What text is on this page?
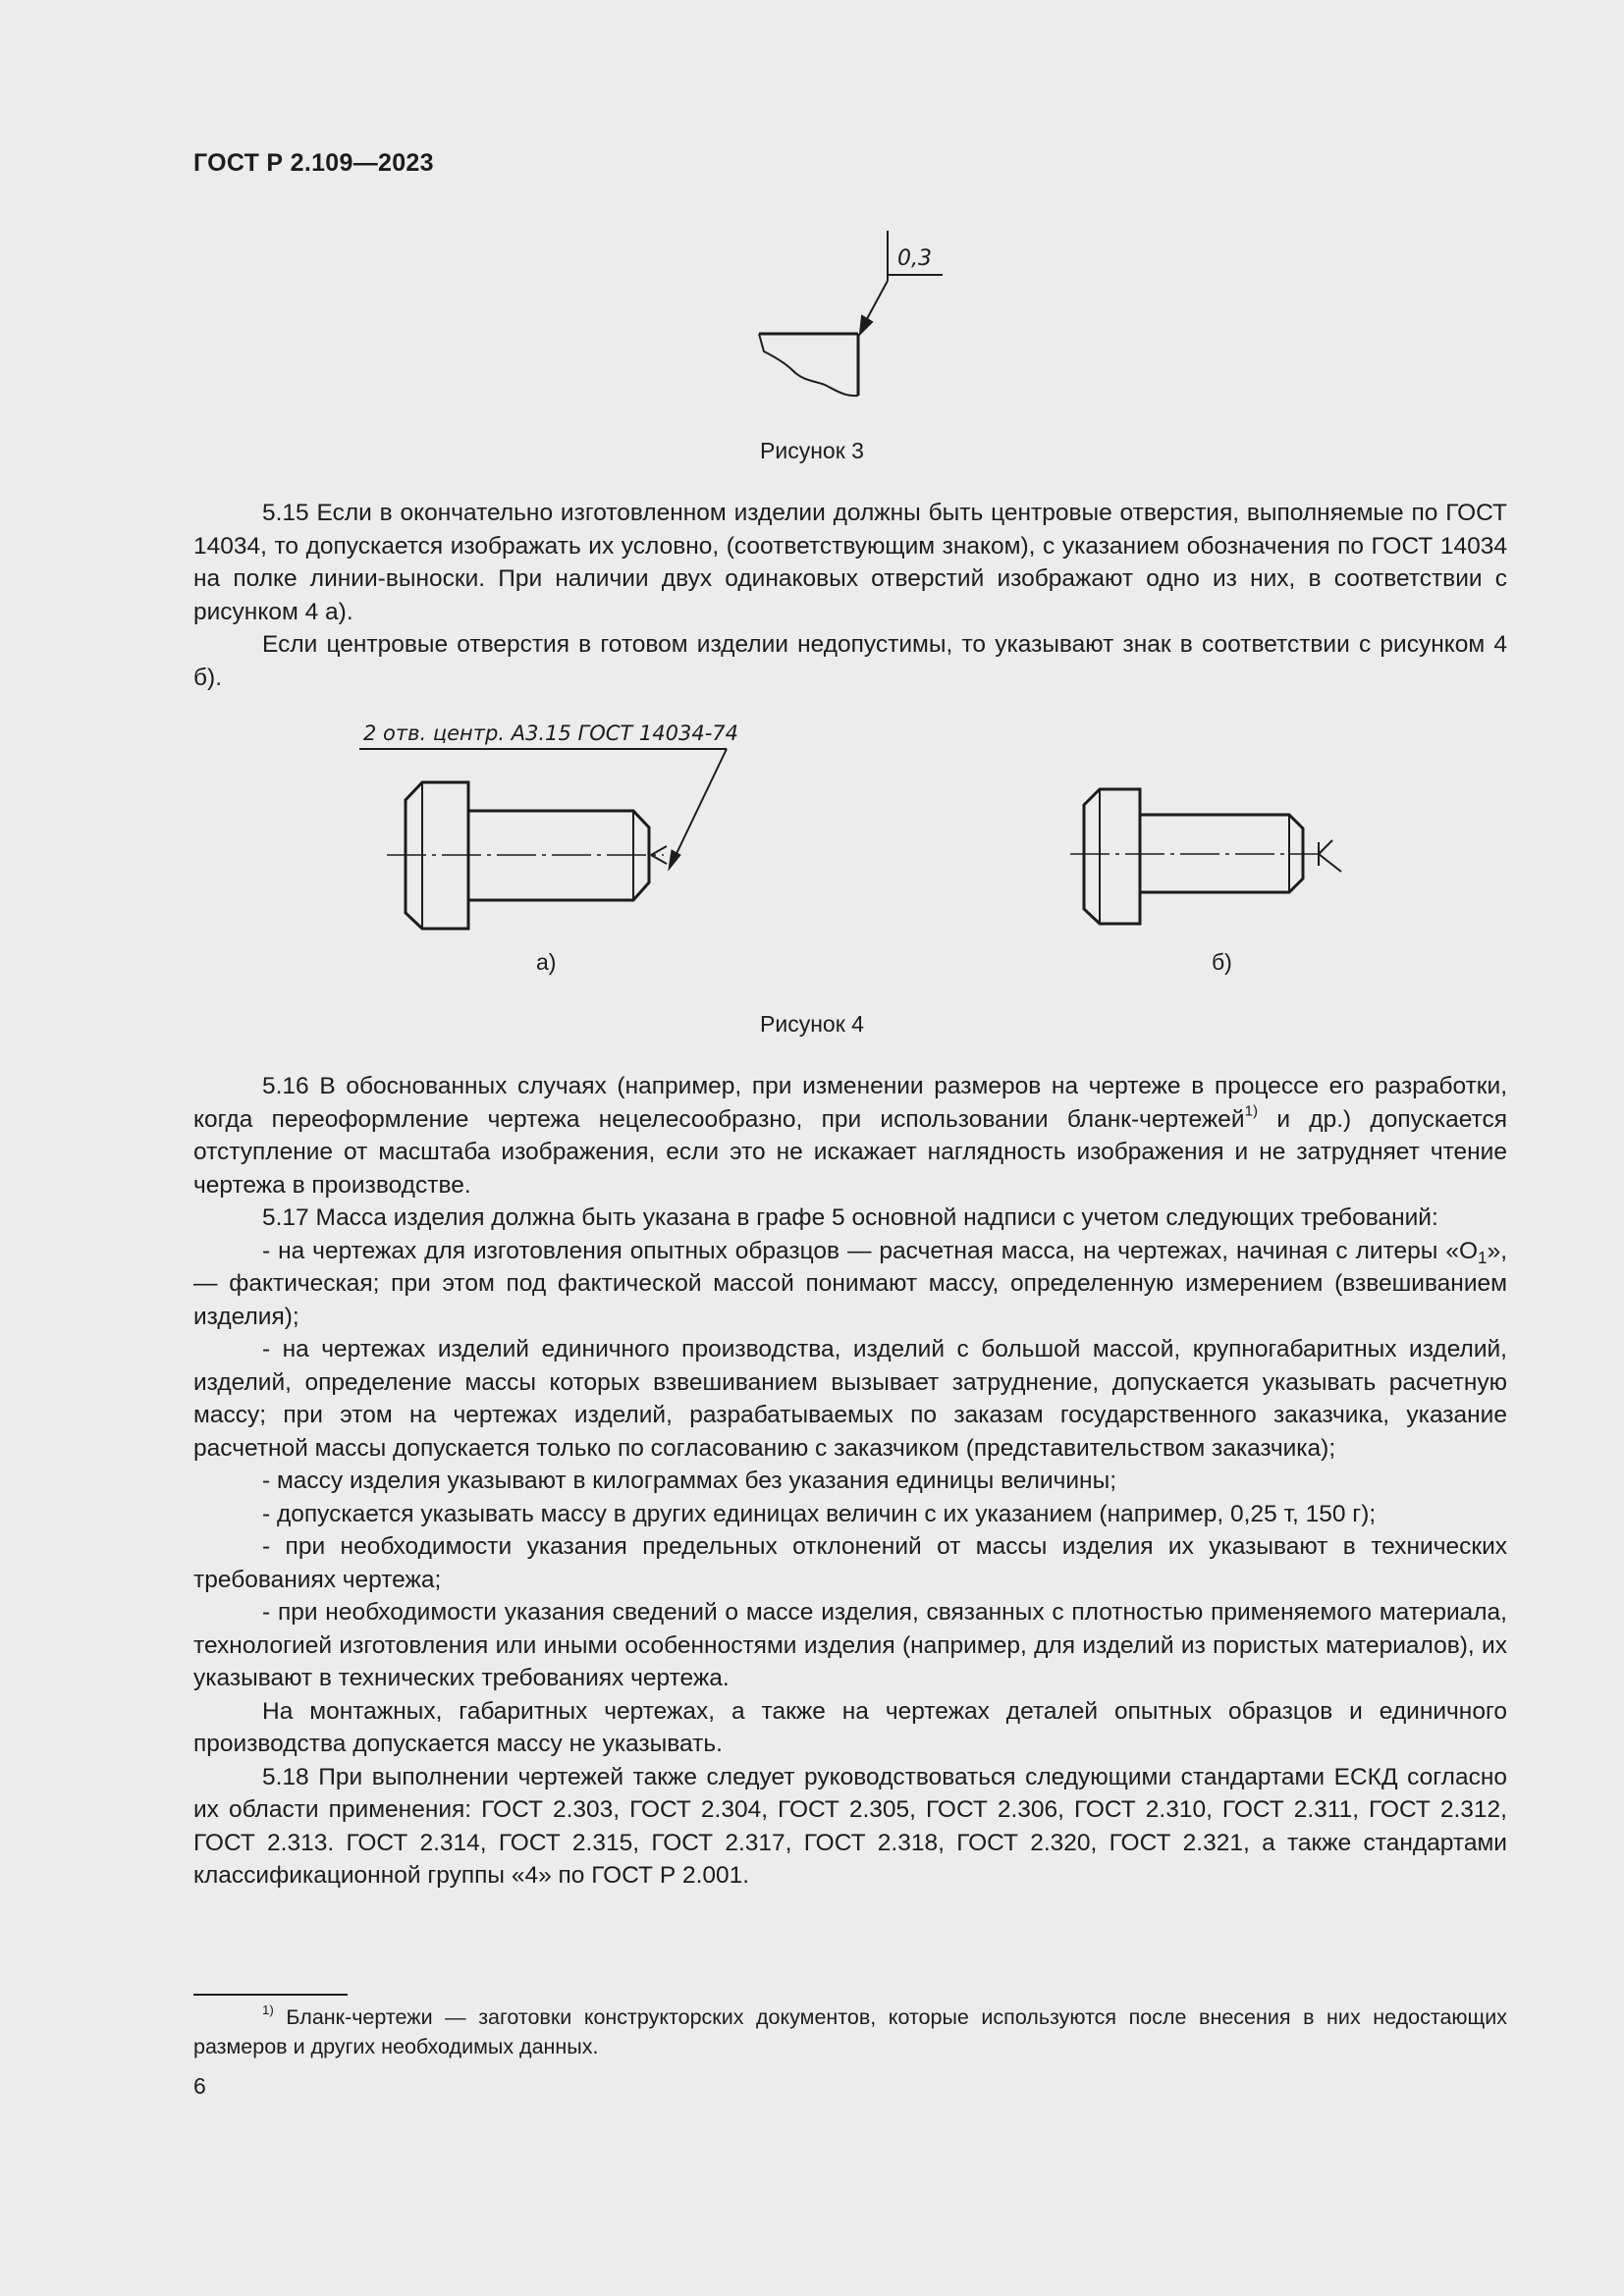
ГОСТ Р 2.109—2023
0,3
Рисунок 3

5.15 Если в окончательно изготовленном изделии должны быть центровые отверстия, выполняемые по ГОСТ 14034, то допускается изображать их условно, (соответствующим знаком), с указанием обозначения по ГОСТ 14034 на полке линии-выноски. При наличии двух одинаковых отверстий изображают одно из них, в соответствии с рисунком 4 а).

Если центровые отверстия в готовом изделии недопустимы, то указывают знак в соответствии с рисунком 4 б).

2 отв. центр. А3.15 ГОСТ 14034-74
а)	б)
Рисунок 4

5.16 В обоснованных случаях (например, при изменении размеров на чертеже в процессе его разработки, когда переоформление чертежа нецелесообразно, при использовании бланк-чертежей$^{1)}$ и др.) допускается отступление от масштаба изображения, если это не искажает наглядность изображения и не затрудняет чтение чертежа в производстве.

5.17 Масса изделия должна быть указана в графе 5 основной надписи с учетом следующих требований:

- на чертежах для изготовления опытных образцов — расчетная масса, на чертежах, начиная с литеры «$О_1$», — фактическая; при этом под фактической массой понимают массу, определенную измерением (взвешиванием изделия);

- на чертежах изделий единичного производства, изделий с большой массой, крупногабаритных изделий, изделий, определение массы которых взвешиванием вызывает затруднение, допускается указывать расчетную массу; при этом на чертежах изделий, разрабатываемых по заказам государственного заказчика, указание расчетной массы допускается только по согласованию с заказчиком (представительством заказчика);

- массу изделия указывают в килограммах без указания единицы величины;

- допускается указывать массу в других единицах величин с их указанием (например, 0,25 т, 150 г);

- при необходимости указания предельных отклонений от массы изделия их указывают в технических требованиях чертежа;

- при необходимости указания сведений о массе изделия, связанных с плотностью применяемого материала, технологией изготовления или иными особенностями изделия (например, для изделий из пористых материалов), их указывают в технических требованиях чертежа.

На монтажных, габаритных чертежах, а также на чертежах деталей опытных образцов и единичного производства допускается массу не указывать.

5.18 При выполнении чертежей также следует руководствоваться следующими стандартами ЕСКД согласно их области применения: ГОСТ 2.303, ГОСТ 2.304, ГОСТ 2.305, ГОСТ 2.306, ГОСТ 2.310, ГОСТ 2.311, ГОСТ 2.312, ГОСТ 2.313. ГОСТ 2.314, ГОСТ 2.315, ГОСТ 2.317, ГОСТ 2.318, ГОСТ 2.320, ГОСТ 2.321, а также стандартами классификационной группы «4» по ГОСТ Р 2.001.

$^{1)}$ Бланк-чертежи — заготовки конструкторских документов, которые используются после внесения в них недостающих размеров и других необходимых данных.
6
